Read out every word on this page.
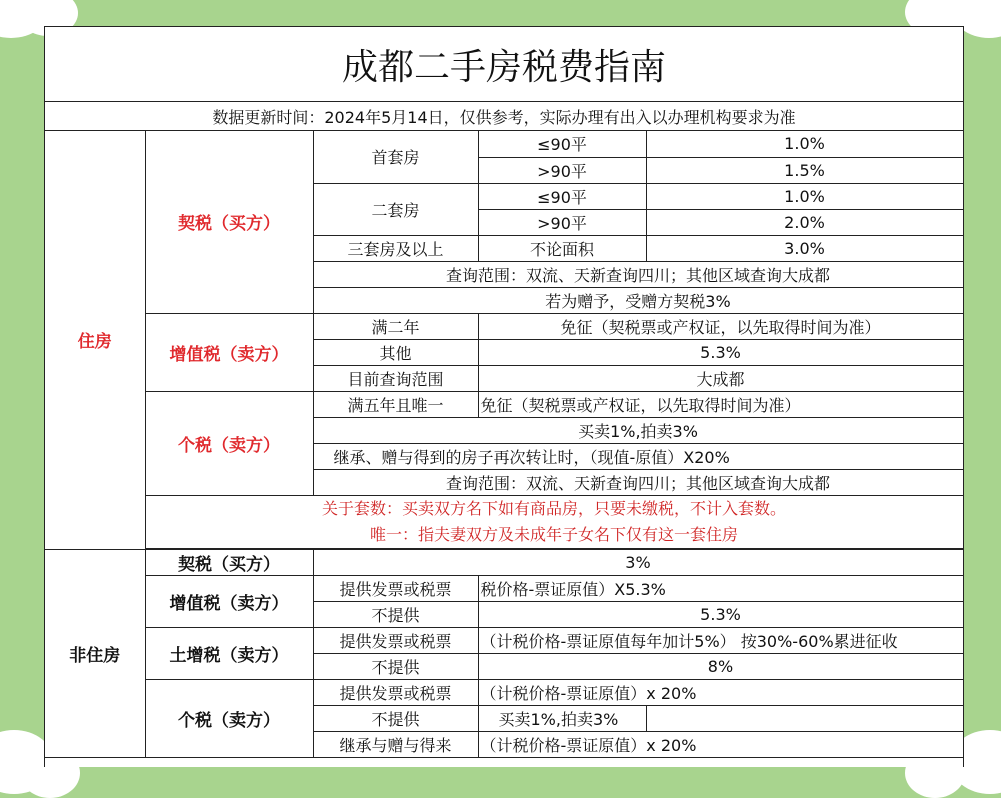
成都二手房税费指南
数据更新时间：2024年5月14日，仅供参考，实际办理有出入以办理机构要求为准
住房	契税（买方）	首套房	≤90平	1.0%
			>90平	1.5%
		二套房	≤90平	1.0%
			>90平	2.0%
		三套房及以上	不论面积	3.0%
		查询范围：双流、天新查询四川；其他区域查询大成都		
		若为赠予，受赠方契税3%		
	增值税（卖方）	满二年	免征（契税票或产权证，以先取得时间为准）	
		其他	5.3%	
		目前查询范围	大成都	
	个税（卖方）	满五年且唯一	免征（契税票或产权证，以先取得时间为准）	
		买卖1%,拍卖3%		
		继承、赠与得到的房子再次转让时，（现值-原值）X20%		
		查询范围：双流、天新查询四川；其他区域查询大成都		

	关于套数：买卖双方名下如有商品房，只要未缴税，不计入套数。
唯一：指夫妻双方及未成年子女名下仅有这一套住房			

非住房	契税（买方）	3%		
	增值税（卖方）	提供发票或税票	税价格-票证原值）X5.3%	
		不提供	5.3%	
	土增税（卖方）	提供发票或税票	（计税价格-票证原值每年加计5%） 按30%-60%累进征收	
		不提供	8%	
	个税（卖方）	提供发票或税票	（计税价格-票证原值）x 20%	
		不提供	买卖1%,拍卖3%	
		继承与赠与得来	（计税价格-票证原值）x 20%	
